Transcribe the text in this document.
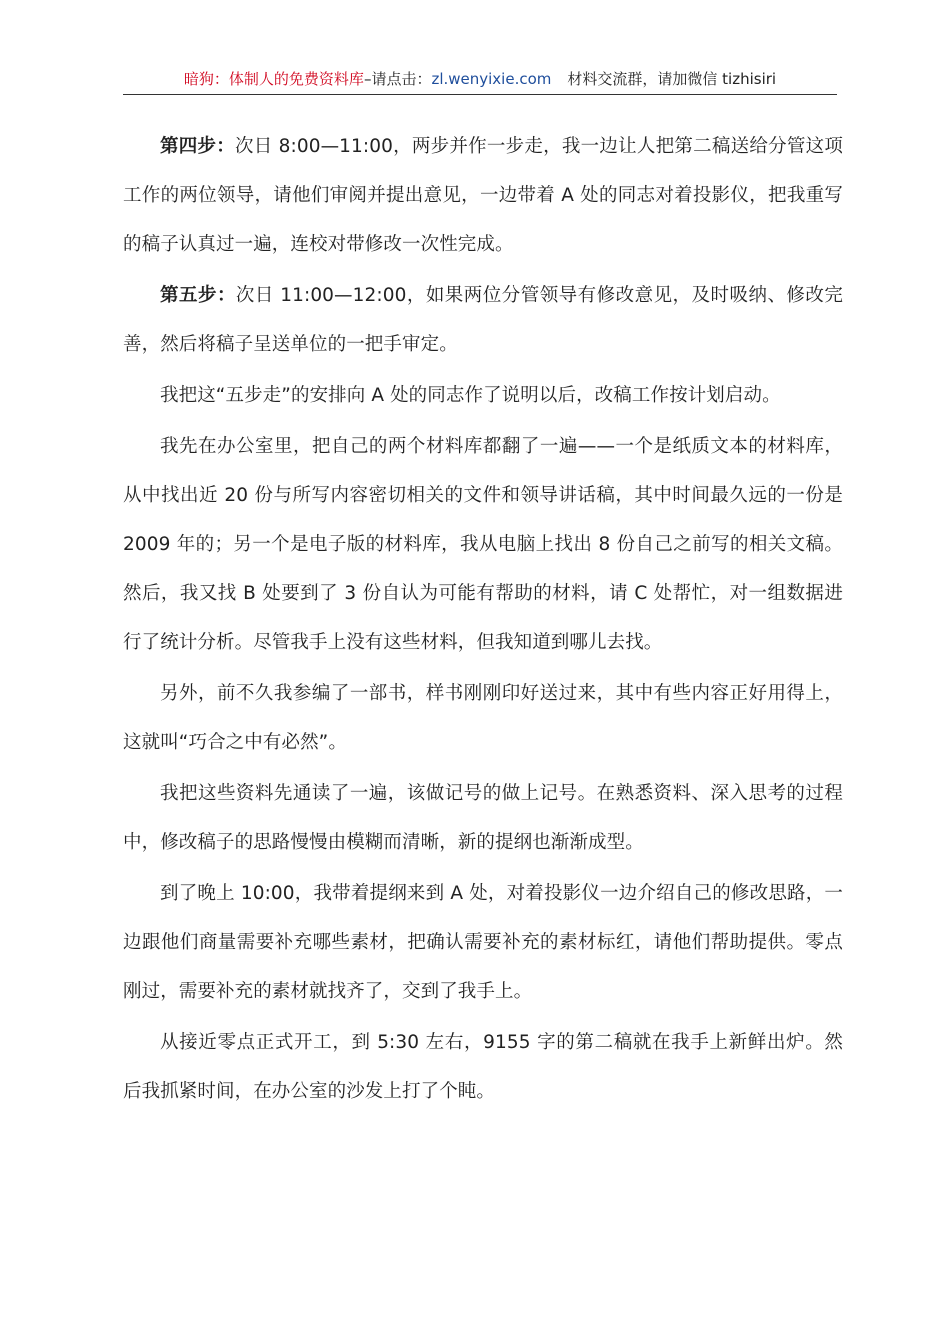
暗狗：体制人的免费资料库–请点击：zl.wenyixie.com 材料交流群，请加微信 tizhisiri

第四步：次日 8:00—11:00，两步并作一步走，我一边让人把第二稿送给分管这项工作的两位领导，请他们审阅并提出意见，一边带着 A 处的同志对着投影仪，把我重写的稿子认真过一遍，连校对带修改一次性完成。

第五步：次日 11:00—12:00，如果两位分管领导有修改意见，及时吸纳、修改完善，然后将稿子呈送单位的一把手审定。

我把这“五步走”的安排向 A 处的同志作了说明以后，改稿工作按计划启动。

我先在办公室里，把自己的两个材料库都翻了一遍——一个是纸质文本的材料库，从中找出近 20 份与所写内容密切相关的文件和领导讲话稿，其中时间最久远的一份是 2009 年的；另一个是电子版的材料库，我从电脑上找出 8 份自己之前写的相关文稿。然后，我又找 B 处要到了 3 份自认为可能有帮助的材料，请 C 处帮忙，对一组数据进行了统计分析。尽管我手上没有这些材料，但我知道到哪儿去找。

另外，前不久我参编了一部书，样书刚刚印好送过来，其中有些内容正好用得上，这就叫“巧合之中有必然”。

我把这些资料先通读了一遍，该做记号的做上记号。在熟悉资料、深入思考的过程中，修改稿子的思路慢慢由模糊而清晰，新的提纲也渐渐成型。

到了晚上 10:00，我带着提纲来到 A 处，对着投影仪一边介绍自己的修改思路，一边跟他们商量需要补充哪些素材，把确认需要补充的素材标红，请他们帮助提供。零点刚过，需要补充的素材就找齐了，交到了我手上。

从接近零点正式开工，到 5:30 左右，9155 字的第二稿就在我手上新鲜出炉。然后我抓紧时间，在办公室的沙发上打了个盹。
